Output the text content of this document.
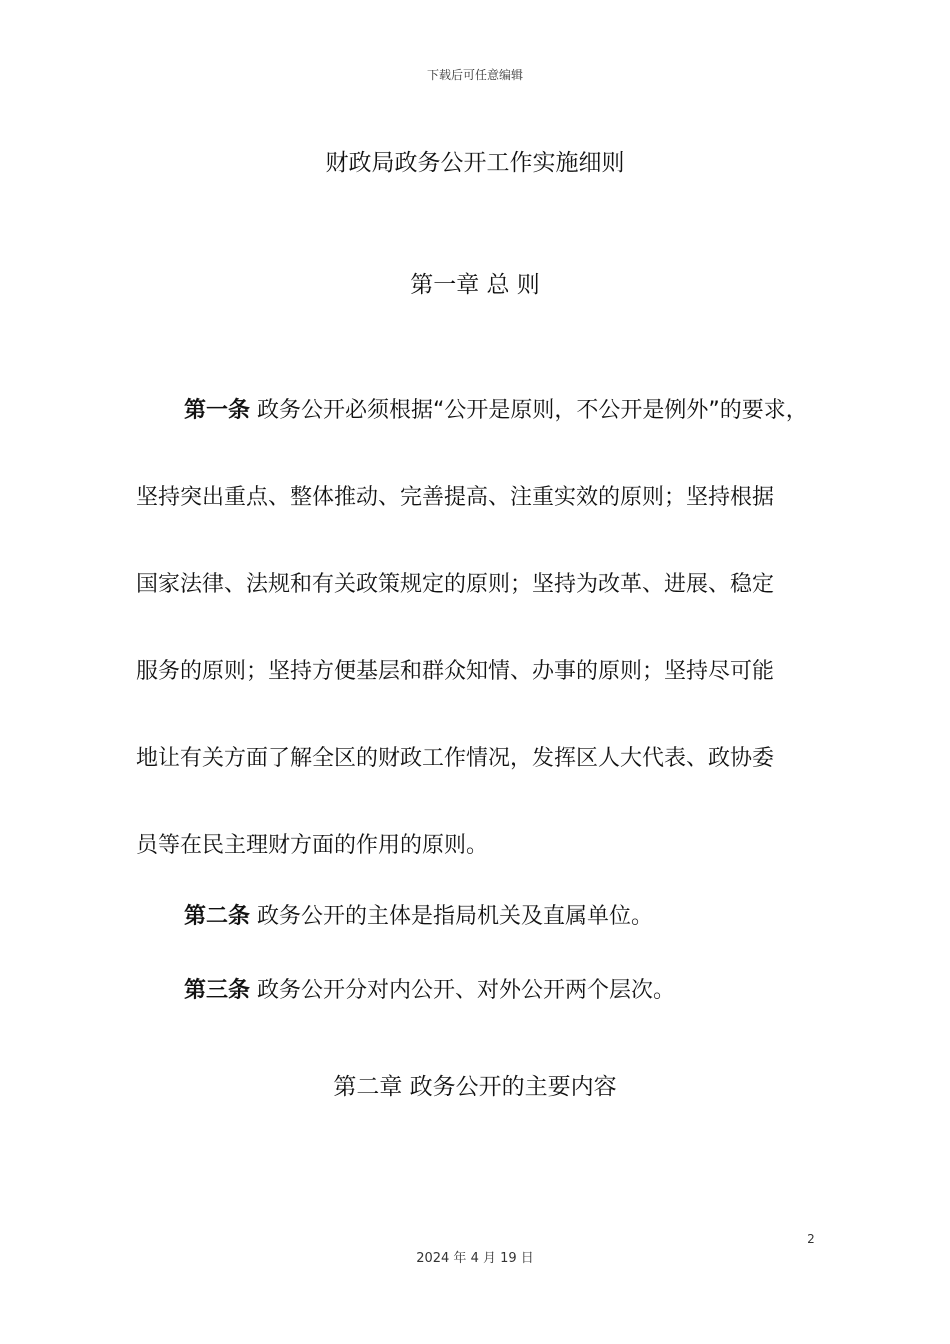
下载后可任意编辑
财政局政务公开工作实施细则
第一章 总 则
第一条 政务公开必须根据“公开是原则，不公开是例外”的要求，
坚持突出重点、整体推动、完善提高、注重实效的原则；坚持根据
国家法律、法规和有关政策规定的原则；坚持为改革、进展、稳定
服务的原则；坚持方便基层和群众知情、办事的原则；坚持尽可能
地让有关方面了解全区的财政工作情况，发挥区人大代表、政协委
员等在民主理财方面的作用的原则。

第二条 政务公开的主体是指局机关及直属单位。

第三条 政务公开分对内公开、对外公开两个层次。

第二章 政务公开的主要内容
2
2024 年 4 月 19 日
